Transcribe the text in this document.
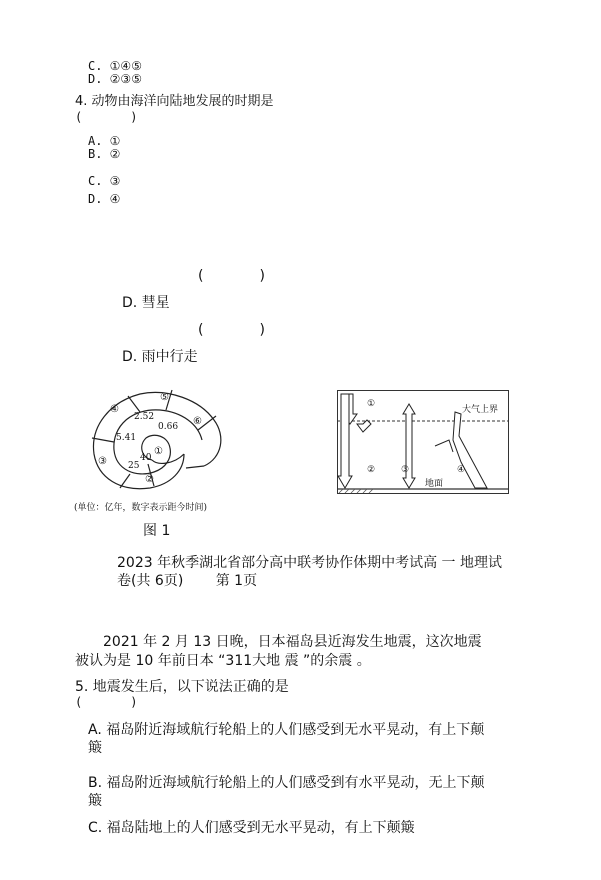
C. ①④⑤
D. ②③⑤
4. 动物由海洋向陆地发展的时期是
(　　　　)
A. ①
B. ②
C. ③
D. ④
(　　　　)
D. 彗星
(　　　　)
D. 雨中行走
⑤
⑥
④
③
②
①
2.52
0.66
5.41
40
25
(单位：亿年，数字表示距今时间)
①
②	③	④
大气上界
地面
图 1
2023 年秋季湖北省部分高中联考协作体期中考试高 一 地理试
卷(共 6页)　　 第 1页
　　2021 年 2 月 13 日晚，日本福岛县近海发生地震，这次地震
被认为是 10 年前日本 “311大地 震 ”的余震 。
5. 地震发生后，以下说法正确的是
(　　　　)
A. 福岛附近海域航行轮船上的人们感受到无水平晃动，有上下颠
簸
B. 福岛附近海域航行轮船上的人们感受到有水平晃动，无上下颠
簸
C. 福岛陆地上的人们感受到无水平晃动，有上下颠簸
